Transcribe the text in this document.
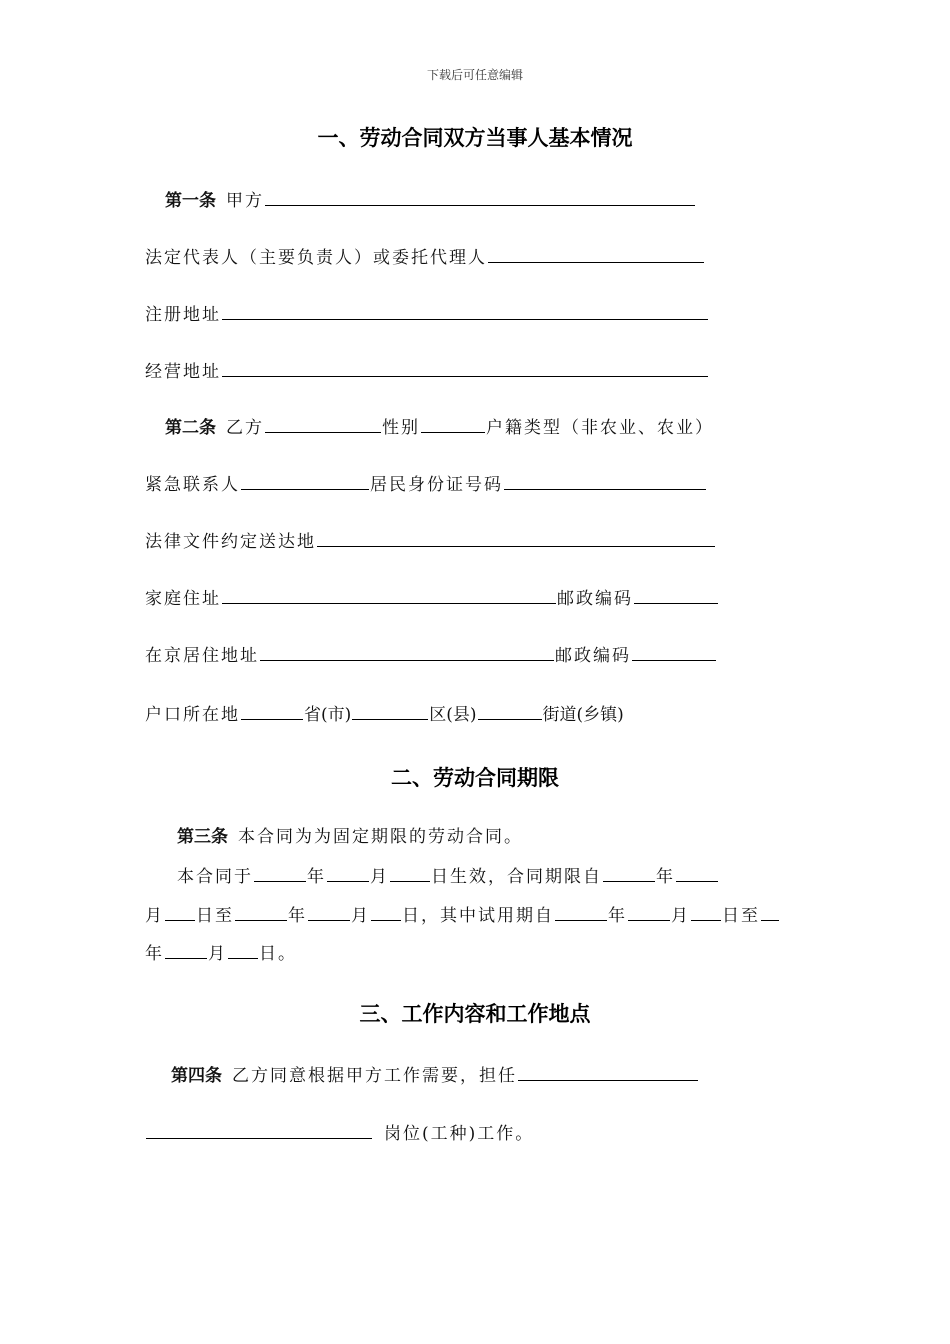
下载后可任意编辑
一、劳动合同双方当事人基本情况
第一条 甲方
法定代表人（主要负责人）或委托代理人
注册地址
经营地址
第二条 乙方	性别	户籍类型（非农业、农业）
紧急联系人	居民身份证号码
法律文件约定送达地
家庭住址	邮政编码
在京居住地址	邮政编码
户口所在地	省(市)	区(县)	街道(乡镇)
二、劳动合同期限
第三条 本合同为为固定期限的劳动合同。
本合同于	年	月 日生效，合同期限自	年
月 日至	年	月 日，其中试用期自	年	月 日至
年	月 日。
三、工作内容和工作地点
第四条 乙方同意根据甲方工作需要，担任
岗位(工种)工作。
